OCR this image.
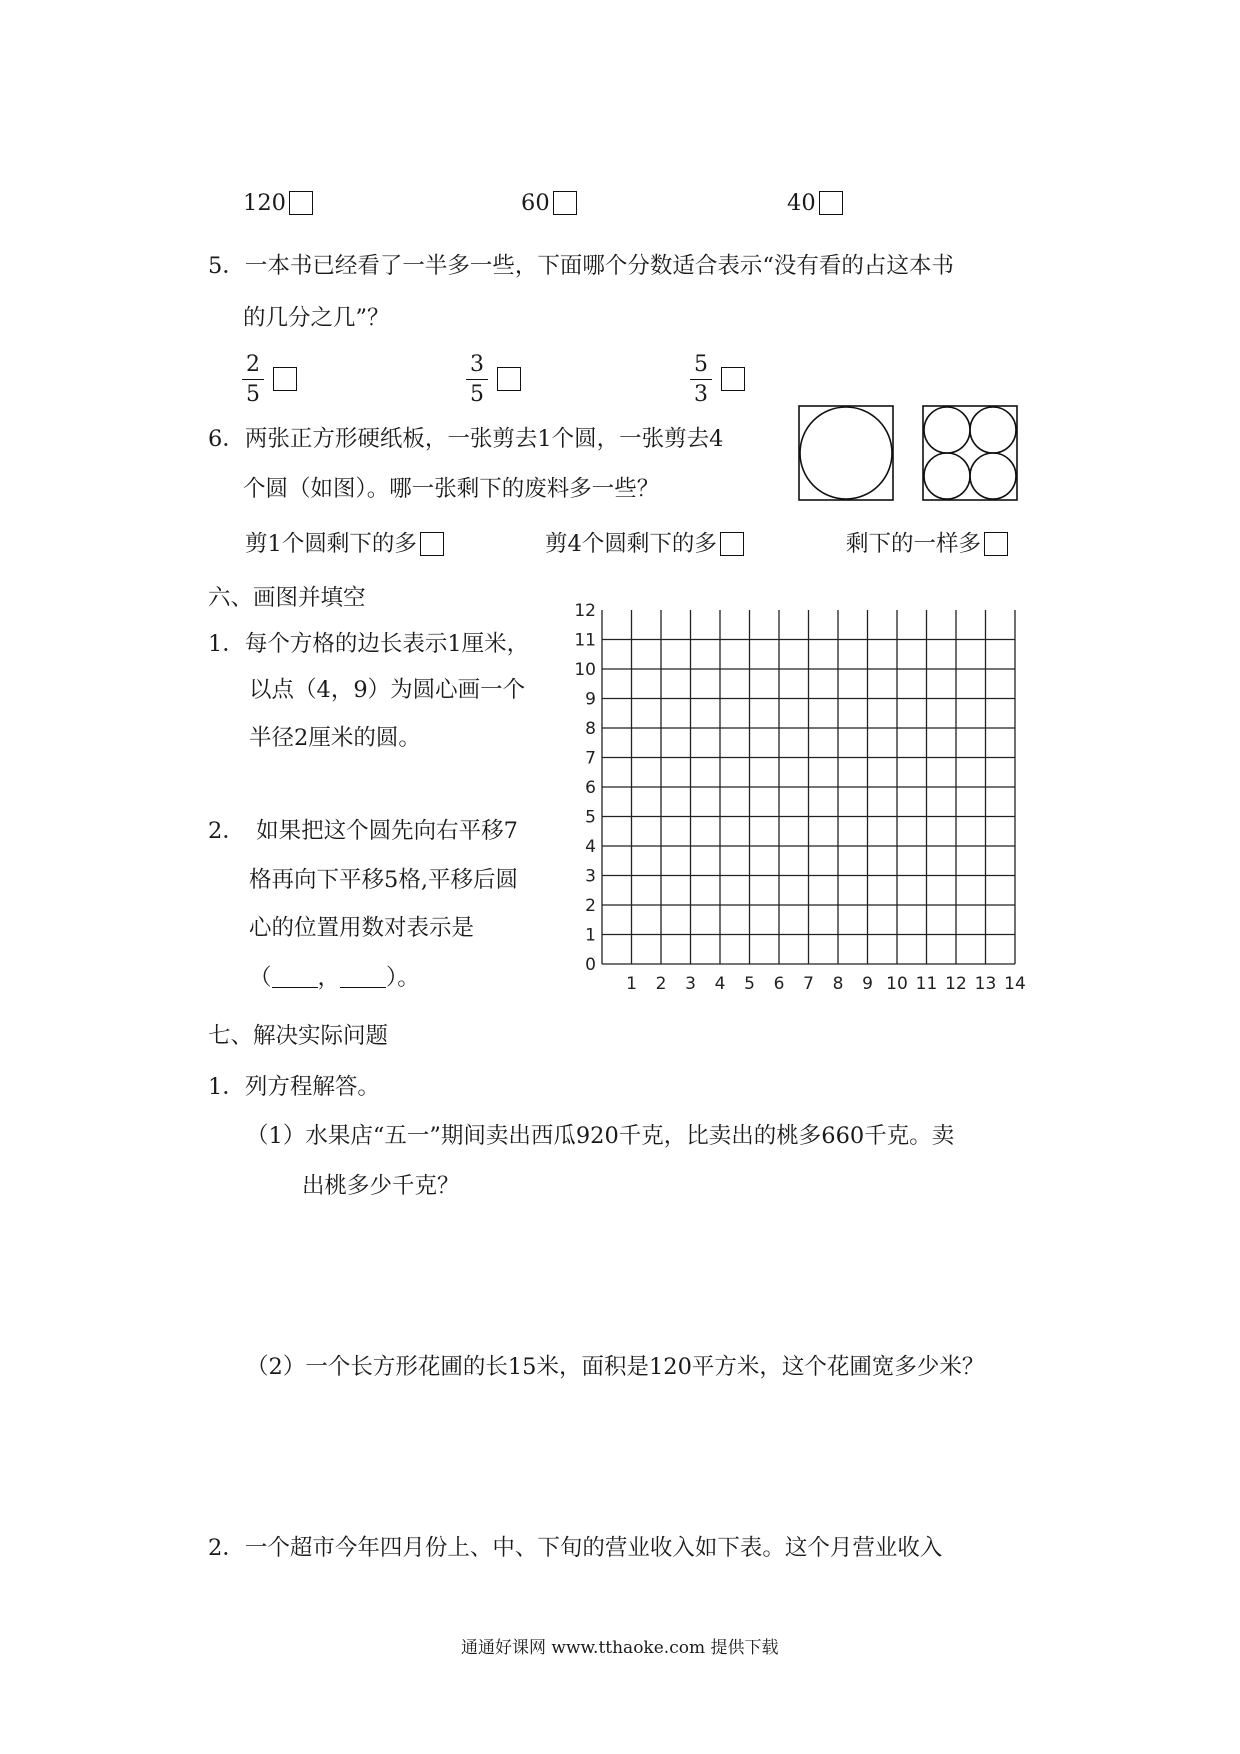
120	60	40
5．一本书已经看了一半多一些，下面哪个分数适合表示“没有看的占这本书
的几分之几”？
2
5
3
5
5
3
6．两张正方形硬纸板，一张剪去1个圆，一张剪去4
个圆（如图）。哪一张剩下的废料多一些？
剪1个圆剩下的多	剪4个圆剩下的多	剩下的一样多
六、画图并填空
1．每个方格的边长表示1厘米，
以点（4，9）为圆心画一个
半径2厘米的圆。
2．　如果把这个圆先向右平移7
格再向下平移5格,平移后圆
心的位置用数对表示是
（ ， ）。	1 2 3 4 5 6 7 8 9 10 11 12 13 14
0
1
2
3
4
5
6
7
8
9
10
11
12
七、解决实际问题
1．列方程解答。
（1）水果店“五一”期间卖出西瓜920千克，比卖出的桃多660千克。卖
出桃多少千克？
（2）一个长方形花圃的长15米，面积是120平方米，这个花圃宽多少米？
2．一个超市今年四月份上、中、下旬的营业收入如下表。这个月营业收入
通通好课网 www.tthaoke.com 提供下载
